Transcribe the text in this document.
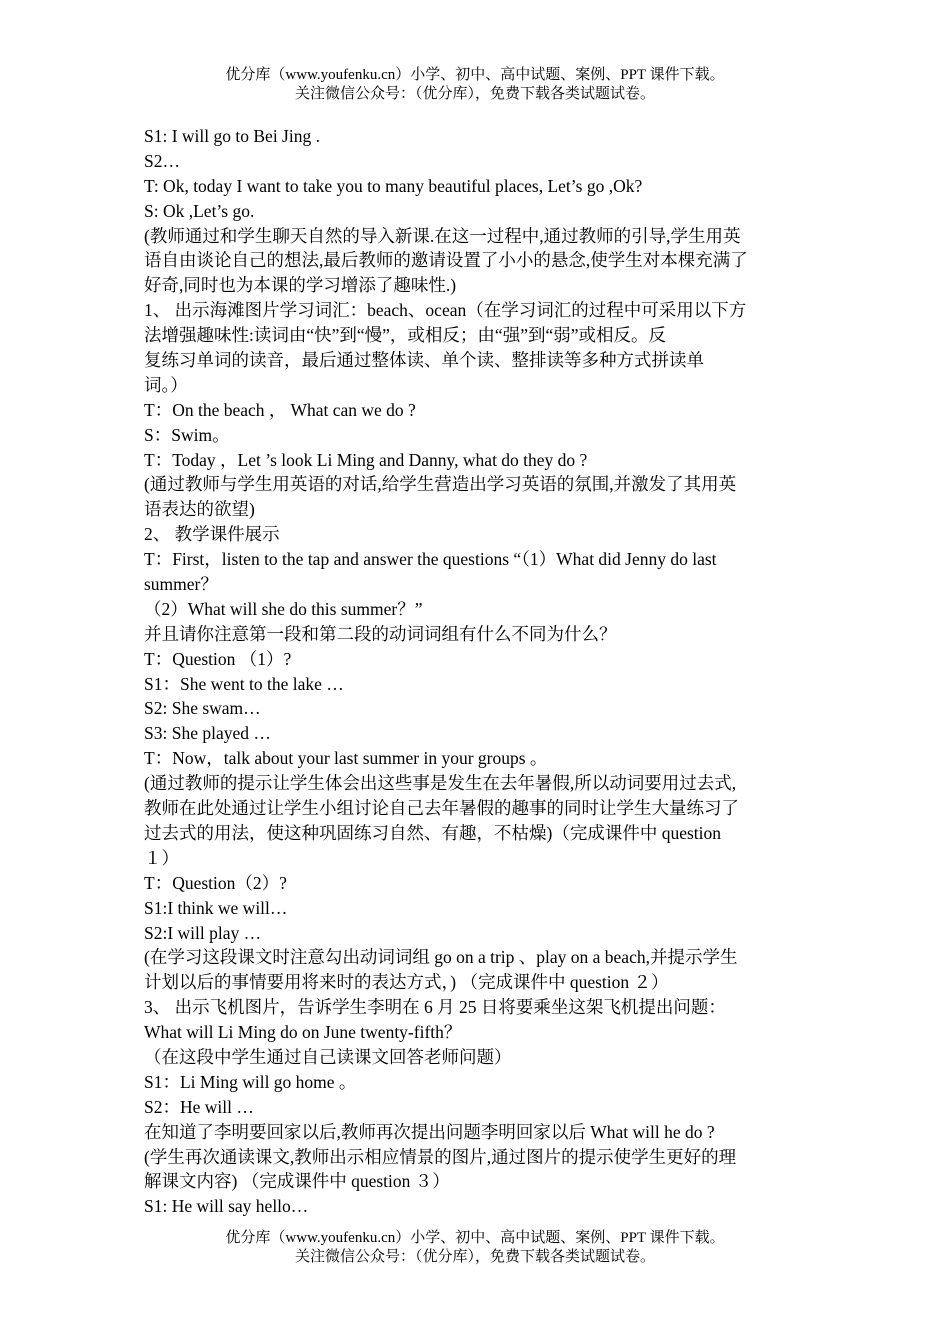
优分库（www.youfenku.cn）小学、初中、高中试题、案例、PPT 课件下载。
关注微信公众号：（优分库），免费下载各类试题试卷。
S1: I will go to Bei Jing .
S2…
T: Ok, today I want to take you to many beautiful places, Let’s go ,Ok?
S: Ok ,Let’s go.
(教师通过和学生聊天自然的导入新课.在这一过程中,通过教师的引导,学生用英
语自由谈论自己的想法,最后教师的邀请设置了小小的悬念,使学生对本棵充满了
好奇,同时也为本课的学习增添了趣味性.)
1、 出示海滩图片学习词汇：beach、ocean（在学习词汇的过程中可采用以下方
法增强趣味性:读词由“快”到“慢”，或相反；由“强”到“弱”或相反。反
复练习单词的读音，最后通过整体读、单个读、整排读等多种方式拼读单
词。）
T：On the beach ， What can we do ?
S：Swim。
T：Today ，Let ’s look Li Ming and Danny, what do they do ?
(通过教师与学生用英语的对话,给学生营造出学习英语的氛围,并激发了其用英
语表达的欲望)
2、 教学课件展示
T：First，listen to the tap and answer the questions “（1）What did Jenny do last
summer？
（2）What will she do this summer？”
并且请你注意第一段和第二段的动词词组有什么不同为什么？
T：Question （1）?
S1：She went to the lake …
S2: She swam…
S3: She played …
T：Now，talk about your last summer in your groups 。
(通过教师的提示让学生体会出这些事是发生在去年暑假,所以动词要用过去式,
教师在此处通过让学生小组讨论自己去年暑假的趣事的同时让学生大量练习了
过去式的用法，使这种巩固练习自然、有趣，不枯燥)（完成课件中 question
１）
T：Question（2）?
S1:I think we will…
S2:I will play …
(在学习这段课文时注意勾出动词词组 go on a trip 、play on a beach,并提示学生
计划以后的事情要用将来时的表达方式，) （完成课件中 question ２）
3、 出示飞机图片，告诉学生李明在 6 月 25 日将要乘坐这架飞机提出问题：
What will Li Ming do on June twenty-fifth？
（在这段中学生通过自己读课文回答老师问题）
S1：Li Ming will go home 。
S2：He will …
在知道了李明要回家以后,教师再次提出问题李明回家以后 What will he do ?
(学生再次通读课文,教师出示相应情景的图片,通过图片的提示使学生更好的理
解课文内容) （完成课件中 question ３）
S1: He will say hello…
优分库（www.youfenku.cn）小学、初中、高中试题、案例、PPT 课件下载。
关注微信公众号：（优分库），免费下载各类试题试卷。
